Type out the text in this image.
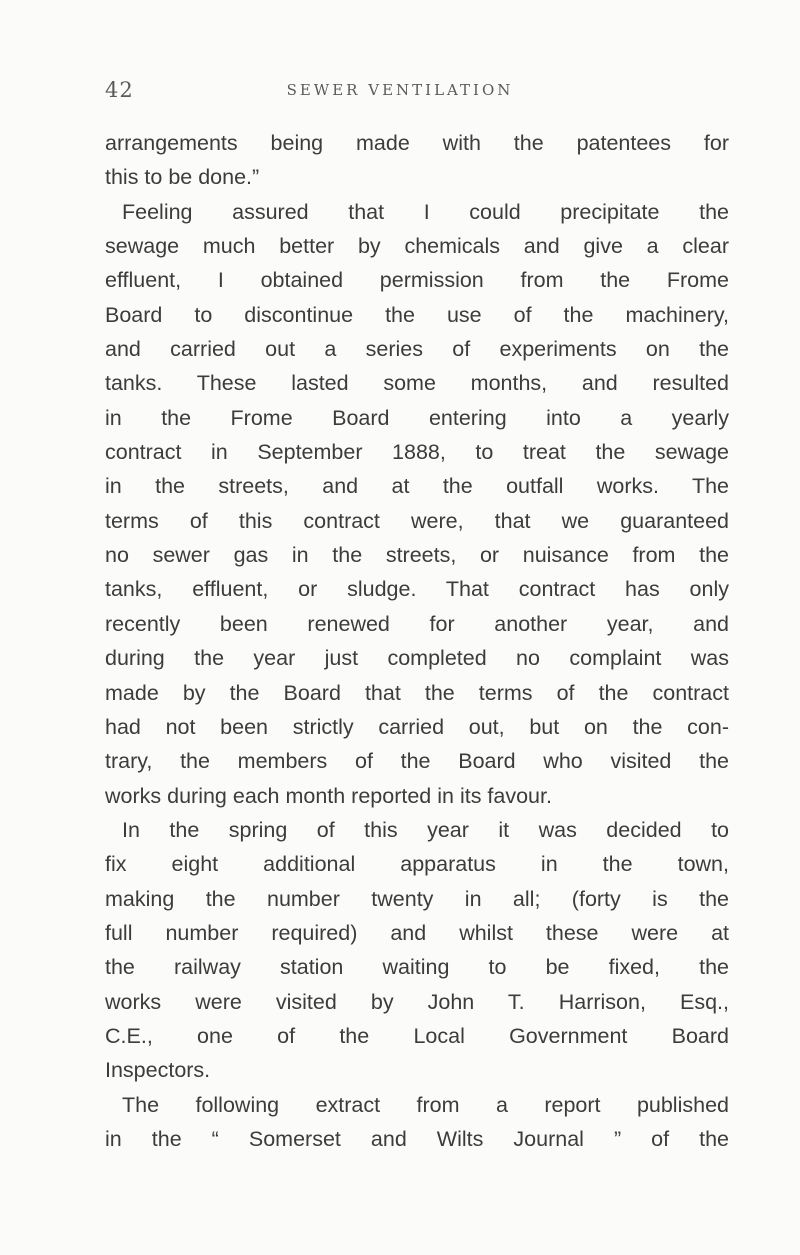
42	SEWER VENTILATION
arrangements being made with the patentees for
this to be done.”
Feeling assured that I could precipitate the
sewage much better by chemicals and give a clear
effluent, I obtained permission from the Frome
Board to discontinue the use of the machinery,
and carried out a series of experiments on the
tanks. These lasted some months, and resulted
in the Frome Board entering into a yearly
contract in September 1888, to treat the sewage
in the streets, and at the outfall works. The
terms of this contract were, that we guaranteed
no sewer gas in the streets, or nuisance from the
tanks, effluent, or sludge. That contract has only
recently been renewed for another year, and
during the year just completed no complaint was
made by the Board that the terms of the contract
had not been strictly carried out, but on the con-
trary, the members of the Board who visited the
works during each month reported in its favour.
In the spring of this year it was decided to
fix eight additional apparatus in the town,
making the number twenty in all; (forty is the
full number required) and whilst these were at
the railway station waiting to be fixed, the
works were visited by John T. Harrison, Esq.,
C.E., one of the Local Government Board
Inspectors.
The following extract from a report published
in the “ Somerset and Wilts Journal ” of the
